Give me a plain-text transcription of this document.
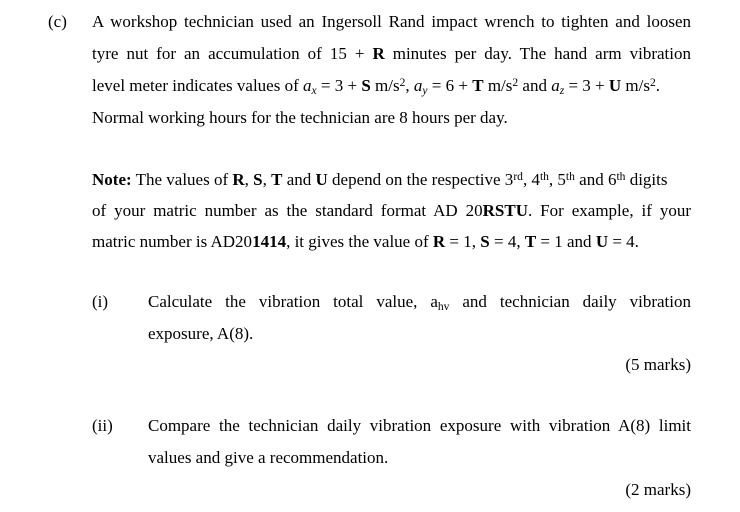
(c) A workshop technician used an Ingersoll Rand impact wrench to tighten and loosen
tyre nut for an accumulation of 15 + R minutes per day. The hand arm vibration
level meter indicates values of ax = 3 + S $m/s^2$, ay = 6 + T $m/s^2$ and az = 3 + U $m/s^2$.
Normal working hours for the technician are 8 hours per day.
Note: The values of R, S, T and U depend on the respective 3rd, 4th, 5th and 6th digits
of your matric number as the standard format AD 20RSTU. For example, if your
matric number is AD201414, it gives the value of R = 1, S = 4, T = 1 and U = 4.
(i) Calculate the vibration total value, ahv and technician daily vibration
exposure, A(8).
(5 marks)
(ii) Compare the technician daily vibration exposure with vibration A(8) limit
values and give a recommendation.
(2 marks)
